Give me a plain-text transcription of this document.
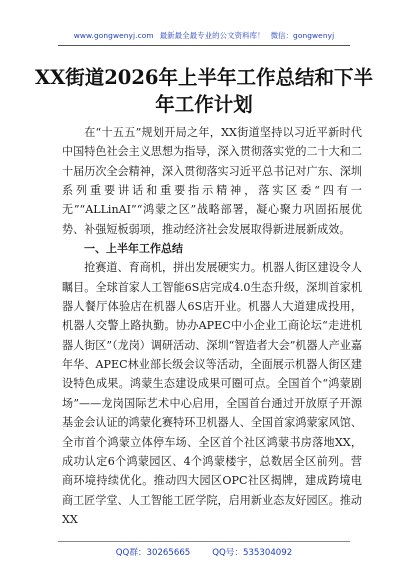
www.gongwenyj.com 最新最全最专业的公文资料库！ 微信：gongwenyj
XX街道2026年上半年工作总结和下半年工作计划

在“十五五”规划开局之年，XX街道坚持以习近平新时代中国特色社会主义思想为指导，深入贯彻落实党的二十大和二十届历次全会精神，深入贯彻落实习近平总书记对广东、深圳系列重要讲话和重要指示精神，落实区委“四有一无”“ALLinAI”“鸿蒙之区”战略部署，凝心聚力巩固拓展优势、补强短板弱项，推动经济社会发展取得新进展新成效。

一、上半年工作总结

抢赛道、育商机，拼出发展硬实力。机器人街区建设令人瞩目。全球首家人工智能6S店完成4.0生态升级，深圳首家机器人餐厅体验店在机器人6S店开业。机器人大道建成投用，机器人交警上路执勤。协办APEC中小企业工商论坛“走进机器人街区”（龙岗）调研活动、深圳“智造者大会”机器人产业嘉年华、APEC林业部长级会议等活动，全面展示机器人街区建设特色成果。鸿蒙生态建设成果可圈可点。全国首个“鸿蒙剧场”——龙岗国际艺术中心启用，全国首台通过开放原子开源基金会认证的鸿蒙化赛特环卫机器人、全国首家鸿蒙家风馆、全市首个鸿蒙立体停车场、全区首个社区鸿蒙书房落地XX，成功认定6个鸿蒙园区、4个鸿蒙楼宇，总数居全区前列。营商环境持续优化。推动四大园区OPC社区揭牌，建成跨境电商工匠学堂、人工智能工匠学院，启用新业态友好园区。推动XX

QQ群：30265665	QQ号：535304092
